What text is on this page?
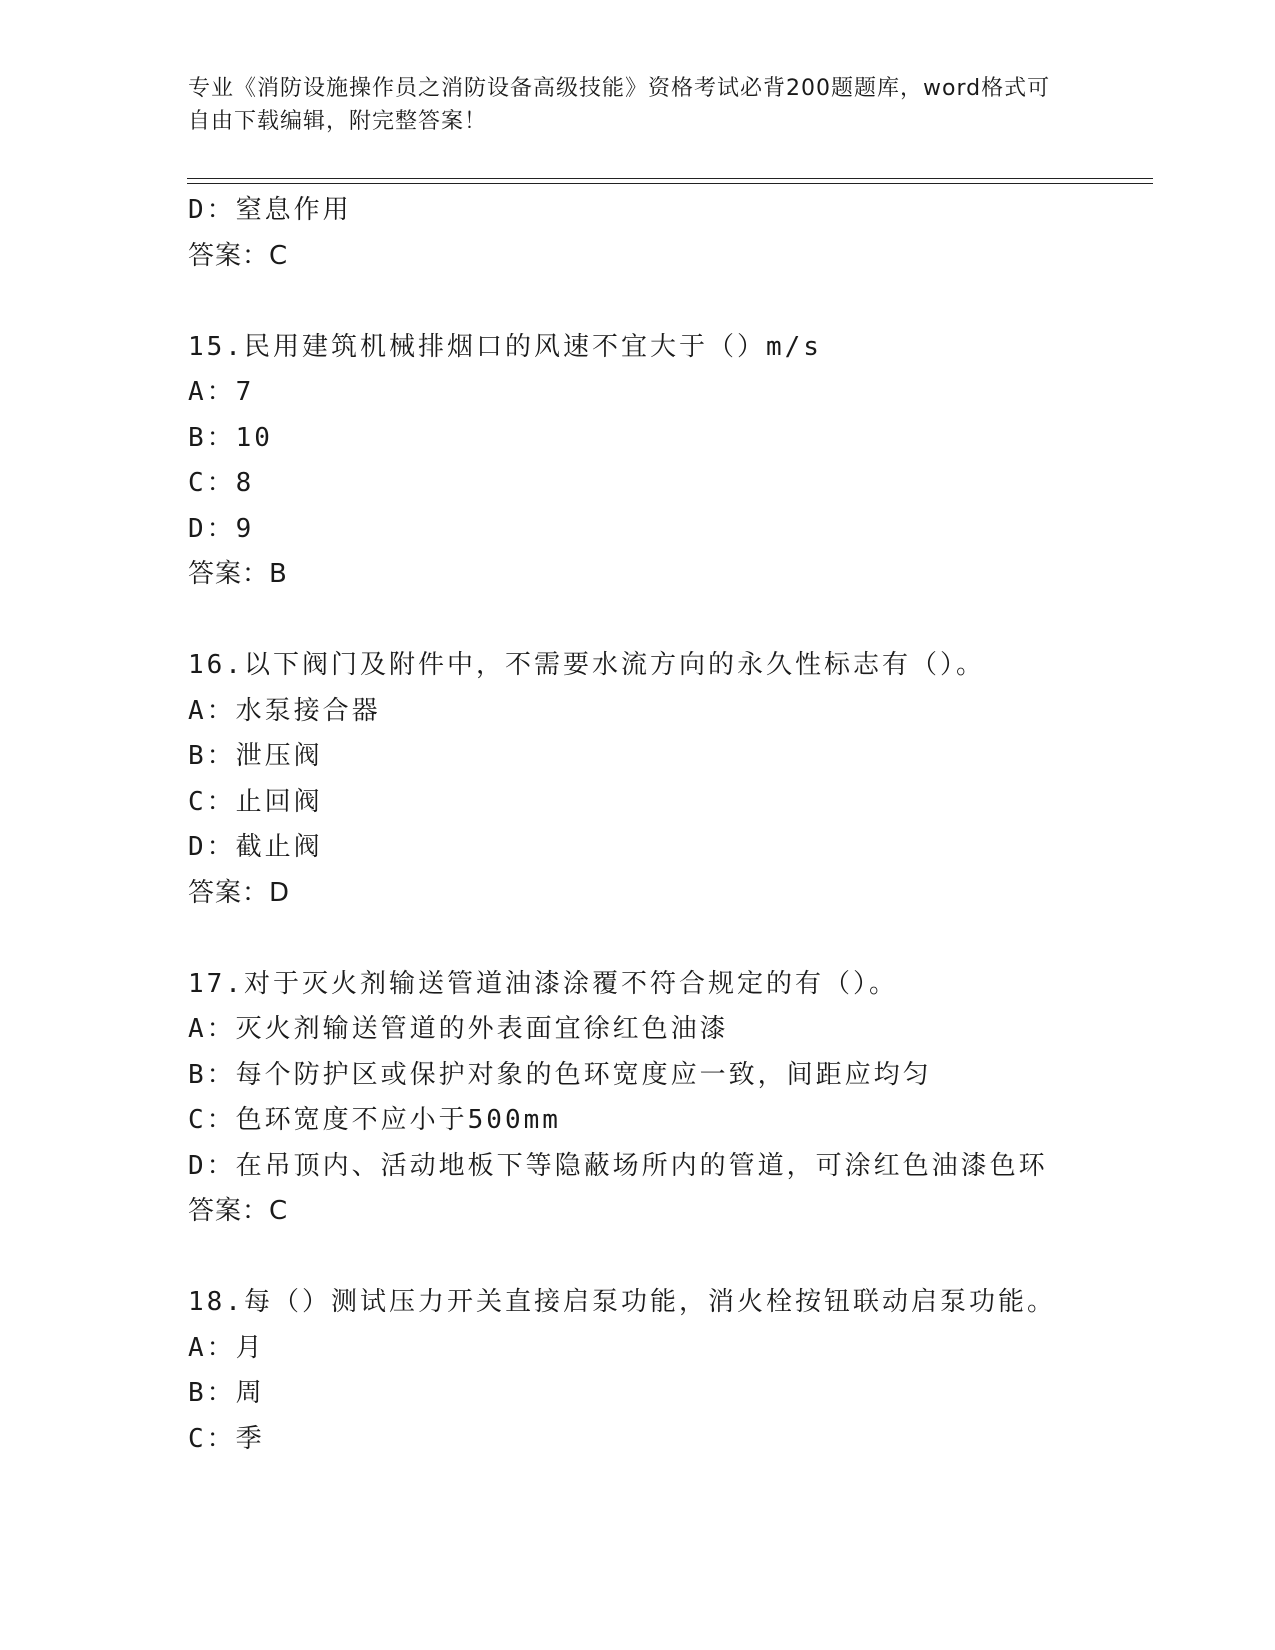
专业《消防设施操作员之消防设备高级技能》资格考试必背200题题库，word格式可自由下载编辑，附完整答案！
D：窒息作用
答案：C
15.民用建筑机械排烟口的风速不宜大于（）m/s
A：7
B：10
C：8
D：9
答案：B
16.以下阀门及附件中，不需要水流方向的永久性标志有（）。
A：水泵接合器
B：泄压阀
C：止回阀
D：截止阀
答案：D
17.对于灭火剂输送管道油漆涂覆不符合规定的有（）。
A：灭火剂输送管道的外表面宜徐红色油漆
B：每个防护区或保护对象的色环宽度应一致，间距应均匀
C：色环宽度不应小于500mm
D：在吊顶内、活动地板下等隐蔽场所内的管道，可涂红色油漆色环
答案：C
18.每（）测试压力开关直接启泵功能，消火栓按钮联动启泵功能。
A：月
B：周
C：季
